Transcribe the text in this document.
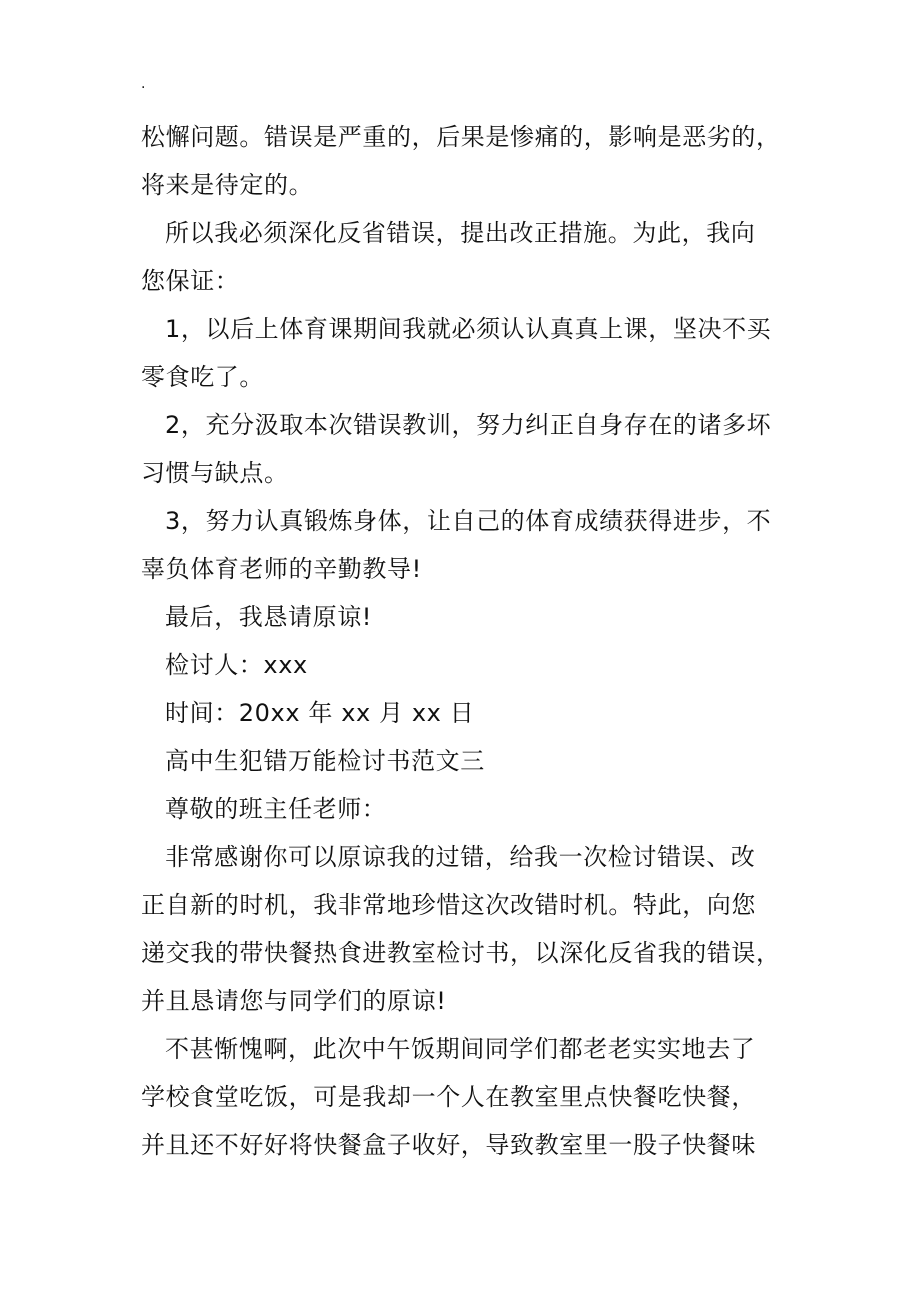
.
松懈问题。错误是严重的，后果是惨痛的，影响是恶劣的，
将来是待定的。
所以我必须深化反省错误，提出改正措施。为此，我向
您保证：
1，以后上体育课期间我就必须认认真真上课，坚决不买
零食吃了。
2，充分汲取本次错误教训，努力纠正自身存在的诸多坏
习惯与缺点。
3，努力认真锻炼身体，让自己的体育成绩获得进步，不
辜负体育老师的辛勤教导!
最后，我恳请原谅!
检讨人：xxx
时间：20xx 年 xx 月 xx 日
高中生犯错万能检讨书范文三
尊敬的班主任老师：
非常感谢你可以原谅我的过错，给我一次检讨错误、改
正自新的时机，我非常地珍惜这次改错时机。特此，向您
递交我的带快餐热食进教室检讨书，以深化反省我的错误，
并且恳请您与同学们的原谅!
不甚惭愧啊，此次中午饭期间同学们都老老实实地去了
学校食堂吃饭，可是我却一个人在教室里点快餐吃快餐，
并且还不好好将快餐盒子收好，导致教室里一股子快餐味
